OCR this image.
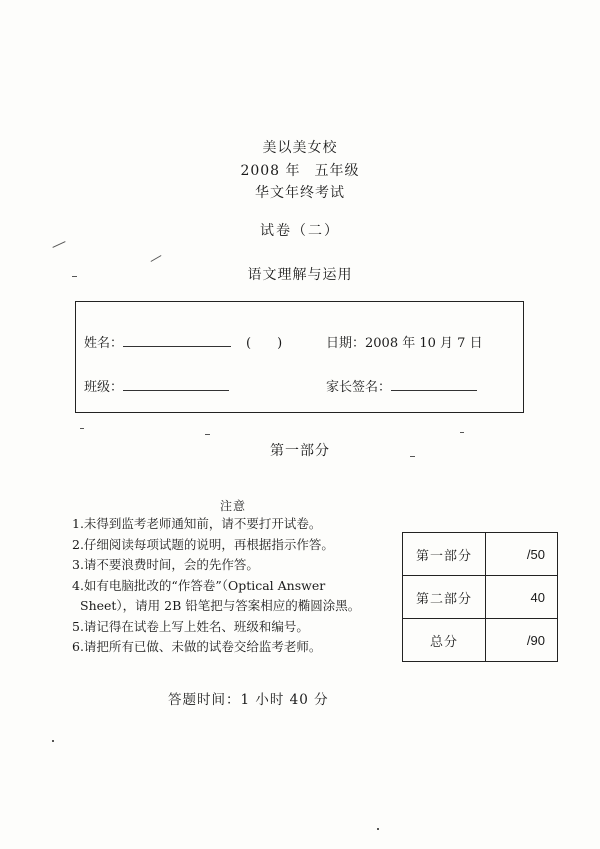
美以美女校
2008 年 五年级
华文年终考试
试卷（二）
语文理解与运用
姓名：	(　　)	日期：2008 年 10 月 7 日
班级：	家长签名：
第一部分
注意
1.未得到监考老师通知前，请不要打开试卷。
2.仔细阅读每项试题的说明，再根据指示作答。
3.请不要浪费时间，会的先作答。
4.如有电脑批改的“作答卷”（Optical Answer
Sheet），请用 2B 铅笔把与答案相应的椭圆涂黑。
5.请记得在试卷上写上姓名、班级和编号。
6.请把所有已做、未做的试卷交给监考老师。
第一部分	/50
第二部分	40
总分	/90
答题时间：1 小时 40 分
